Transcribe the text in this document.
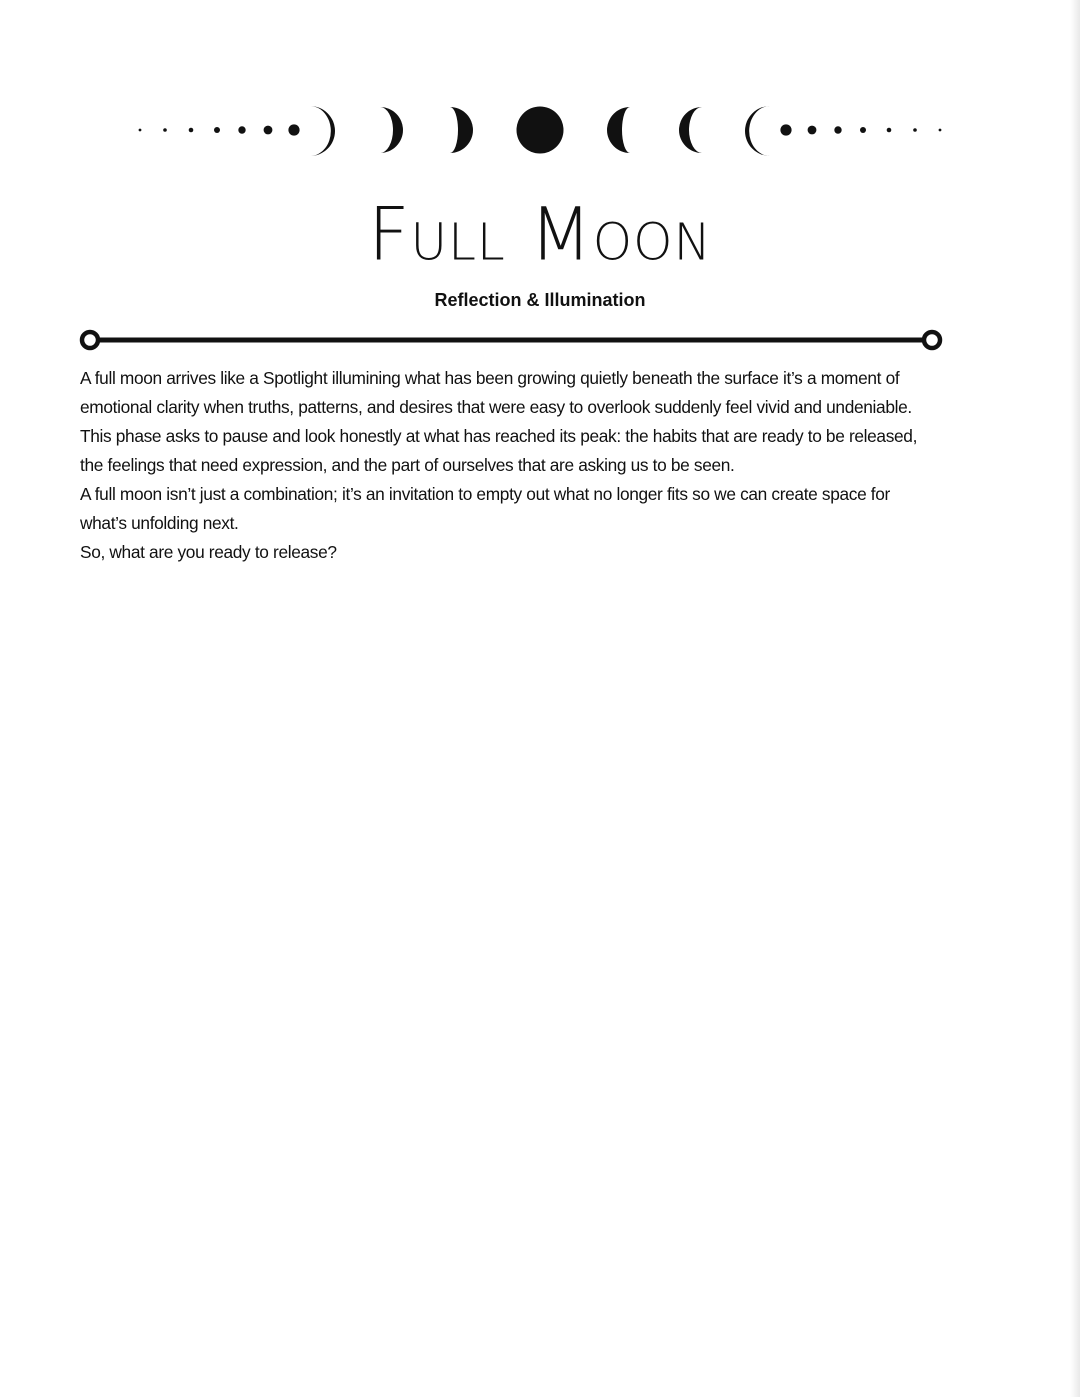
Full Moon
Reflection & Illumination

A full moon arrives like a Spotlight illumining what has been growing quietly beneath the surface it’s a moment of

emotional clarity when truths, patterns, and desires that were easy to overlook suddenly feel vivid and undeniable.

This phase asks to pause and look honestly at what has reached its peak: the habits that are ready to be released,

the feelings that need expression, and the part of ourselves that are asking us to be seen.

A full moon isn’t just a combination; it’s an invitation to empty out what no longer fits so we can create space for

what’s unfolding next.

So, what are you ready to release?
